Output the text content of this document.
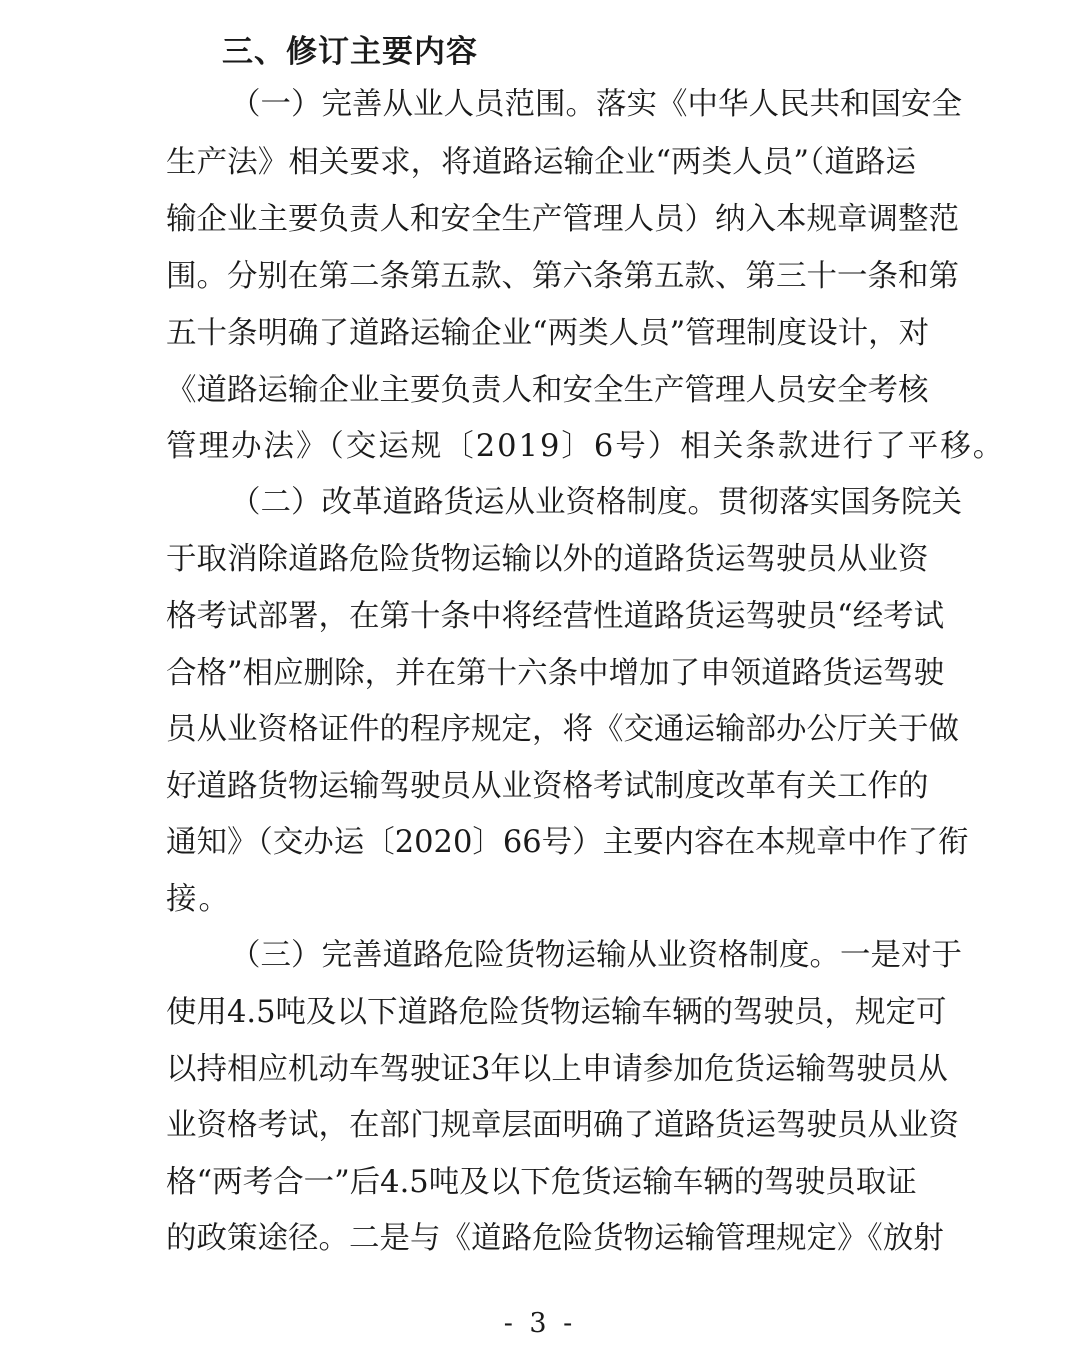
三、修订主要内容
（一）完善从业人员范围。落实《中华人民共和国安全
生产法》相关要求，将道路运输企业“两类人员”（道路运
输企业主要负责人和安全生产管理人员）纳入本规章调整范
围。分别在第二条第五款、第六条第五款、第三十一条和第
五十条明确了道路运输企业“两类人员”管理制度设计，对
《道路运输企业主要负责人和安全生产管理人员安全考核
管理办法》（交运规〔2019〕6号）相关条款进行了平移。
（二）改革道路货运从业资格制度。贯彻落实国务院关
于取消除道路危险货物运输以外的道路货运驾驶员从业资
格考试部署，在第十条中将经营性道路货运驾驶员“经考试
合格”相应删除，并在第十六条中增加了申领道路货运驾驶
员从业资格证件的程序规定，将《交通运输部办公厅关于做
好道路货物运输驾驶员从业资格考试制度改革有关工作的
通知》（交办运〔2020〕66号）主要内容在本规章中作了衔
接。
（三）完善道路危险货物运输从业资格制度。一是对于
使用4.5吨及以下道路危险货物运输车辆的驾驶员，规定可
以持相应机动车驾驶证3年以上申请参加危货运输驾驶员从
业资格考试，在部门规章层面明确了道路货运驾驶员从业资
格“两考合一”后4.5吨及以下危货运输车辆的驾驶员取证
的政策途径。二是与《道路危险货物运输管理规定》《放射
- 3 -
